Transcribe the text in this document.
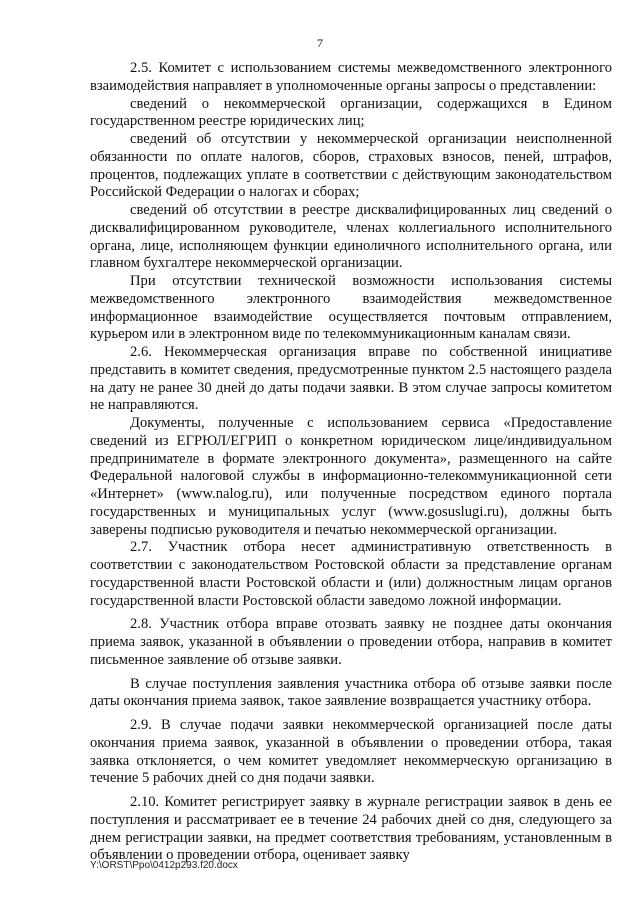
7

2.5. Комитет с использованием системы межведомственного электронного взаимодействия направляет в уполномоченные органы запросы о представлении:

сведений о некоммерческой организации, содержащихся в Едином государственном реестре юридических лиц;

сведений об отсутствии у некоммерческой организации неисполненной обязанности по оплате налогов, сборов, страховых взносов, пеней, штрафов, процентов, подлежащих уплате в соответствии с действующим законодательством Российской Федерации о налогах и сборах;

сведений об отсутствии в реестре дисквалифицированных лиц сведений о дисквалифицированном руководителе, членах коллегиального исполнительного органа, лице, исполняющем функции единоличного исполнительного органа, или главном бухгалтере некоммерческой организации.

При отсутствии технической возможности использования системы межведомственного электронного взаимодействия межведомственное информационное взаимодействие осуществляется почтовым отправлением, курьером или в электронном виде по телекоммуникационным каналам связи.

2.6. Некоммерческая организация вправе по собственной инициативе представить в комитет сведения, предусмотренные пунктом 2.5 настоящего раздела на дату не ранее 30 дней до даты подачи заявки. В этом случае запросы комитетом не направляются.

Документы, полученные с использованием сервиса «Предоставление сведений из ЕГРЮЛ/ЕГРИП о конкретном юридическом лице/индивидуальном предпринимателе в формате электронного документа», размещенного на сайте Федеральной налоговой службы в информационно-телекоммуникационной сети «Интернет» (www.nalog.ru), или полученные посредством единого портала государственных и муниципальных услуг (www.gosuslugi.ru), должны быть заверены подписью руководителя и печатью некоммерческой организации.

2.7. Участник отбора несет административную ответственность в соответствии с законодательством Ростовской области за представление органам государственной власти Ростовской области и (или) должностным лицам органов государственной власти Ростовской области заведомо ложной информации.

2.8. Участник отбора вправе отозвать заявку не позднее даты окончания приема заявок, указанной в объявлении о проведении отбора, направив в комитет письменное заявление об отзыве заявки.

В случае поступления заявления участника отбора об отзыве заявки после даты окончания приема заявок, такое заявление возвращается участнику отбора.

2.9. В случае подачи заявки некоммерческой организацией после даты окончания приема заявок, указанной в объявлении о проведении отбора, такая заявка отклоняется, о чем комитет уведомляет некоммерческую организацию в течение 5 рабочих дней со дня подачи заявки.

2.10. Комитет регистрирует заявку в журнале регистрации заявок в день ее поступления и рассматривает ее в течение 24 рабочих дней со дня, следующего за днем регистрации заявки, на предмет соответствия требованиям, установленным в объявлении о проведении отбора, оценивает заявку

Y:\ORST\Ppo\0412p293.f20.docx
